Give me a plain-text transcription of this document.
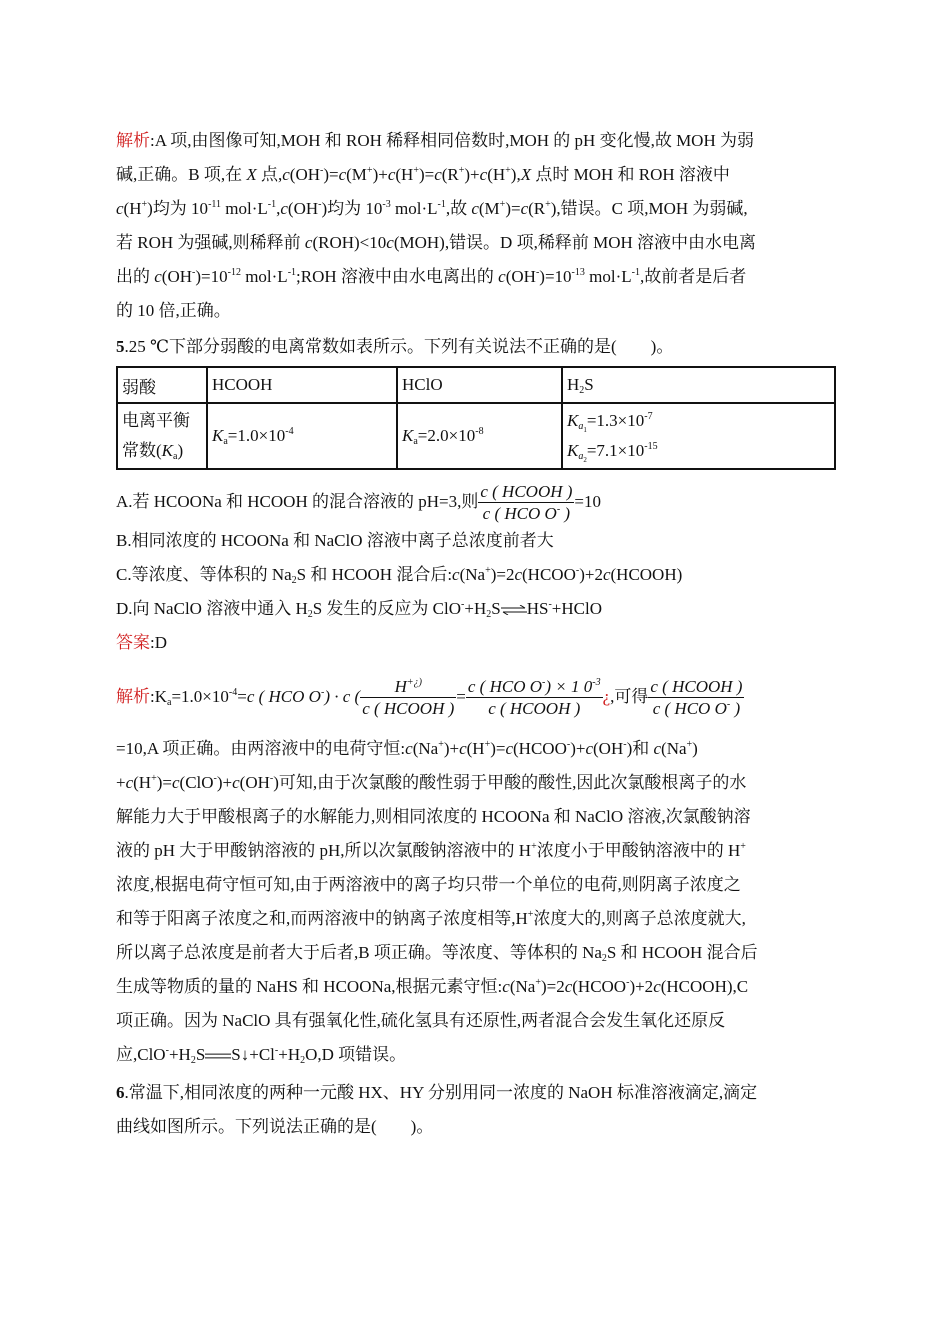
解析:A 项,由图像可知,MOH 和 ROH 稀释相同倍数时,MOH 的 pH 变化慢,故 MOH 为弱
碱,正确。B 项,在 X 点,c(OH-)=c(M+)+c(H+)=c(R+)+c(H+),X 点时 MOH 和 ROH 溶液中
c(H+)均为 $10^{-11}$ $mol\cdot L^{-1},c(OH^-)$均为 $10^{-3}$ $mol\cdot L^{-1}$,故 c(M+)=c(R+),错误。C 项,MOH 为弱碱,
若 ROH 为强碱,则稀释前 c(ROH)<10c(MOH),错误。D 项,稀释前 MOH 溶液中由水电离
出的 $c(OH^-)=10^{-12}$ $mol\cdot L^{-1};ROH$ 溶液中由水电离出的 $c(OH^-)=10^{-13}$ $mol\cdot L^{-1}$,故前者是后者
的 10 倍,正确。
5.25 ℃下部分弱酸的电离常数如表所示。下列有关说法不正确的是(　　)。
弱酸	HCOOH	HClO	$H_2S$
电离平衡
常数$(K_a)$	$K_a=1.0\times 10^{-4}$	$K_a=2.0\times 10^{-8}$	$K_{a_1}=1.3\times 10^{-7}$
$K_{a_2}=7.1\times 10^{-15}$
A.若 HCOONa 和 HCOOH 的混合溶液的 pH=3,则 $\frac{\text{c ( HCOOH )}}{c ( HCO O^- )} =10$
B.相同浓度的 HCOONa 和 NaClO 溶液中离子总浓度前者大
C.等浓度、等体积的 $Na_2S$ 和 HCOOH 混合后:c(Na+)=2c(HCOO-)+2c(HCOOH)
D.向 NaClO 溶液中通入 $H_2S$ 发生的反应为 $ClO^-+H_2S\rightleftharpoons HS^-+HClO$
答案:D
解析$:K_a=1.0\times 10^{-4}=c$ ( HCO O-) · c ( $\frac{H^{+¿)}}{\text{c ( HCOOH )}} = \frac{c ( HCO O^-) \times 1 0^{-3}}{\text{c ( HCOOH )}}$ ¿,可得 $\frac{\text{c ( HCOOH )}}{c ( HCO O^- )}$
=10,A 项正确。由两溶液中的电荷守恒:c(Na+)+c(H+)=c(HCOO-)+c(OH-)和 c(Na+)
+c(H+)=c(ClO-)+c(OH-)可知,由于次氯酸的酸性弱于甲酸的酸性,因此次氯酸根离子的水
解能力大于甲酸根离子的水解能力,则相同浓度的 HCOONa 和 NaClO 溶液,次氯酸钠溶
液的 pH 大于甲酸钠溶液的 pH,所以次氯酸钠溶液中的 H+浓度小于甲酸钠溶液中的 H+
浓度,根据电荷守恒可知,由于两溶液中的离子均只带一个单位的电荷,则阴离子浓度之
和等于阳离子浓度之和,而两溶液中的钠离子浓度相等,H+浓度大的,则离子总浓度就大,
所以离子总浓度是前者大于后者,B 项正确。等浓度、等体积的 $Na_2S$ 和 HCOOH 混合后
生成等物质的量的 NaHS 和 HCOONa,根据元素守恒:c(Na+)=2c(HCOO-)+2c(HCOOH),C
项正确。因为 NaClO 具有强氧化性,硫化氢具有还原性,两者混合会发生氧化还原反
应$,ClO^-+H_2S$ $S↓+Cl^-+H_2O,D$ 项错误。
6.常温下,相同浓度的两种一元酸 HX、HY 分别用同一浓度的 NaOH 标准溶液滴定,滴定
曲线如图所示。下列说法正确的是(　　)。
